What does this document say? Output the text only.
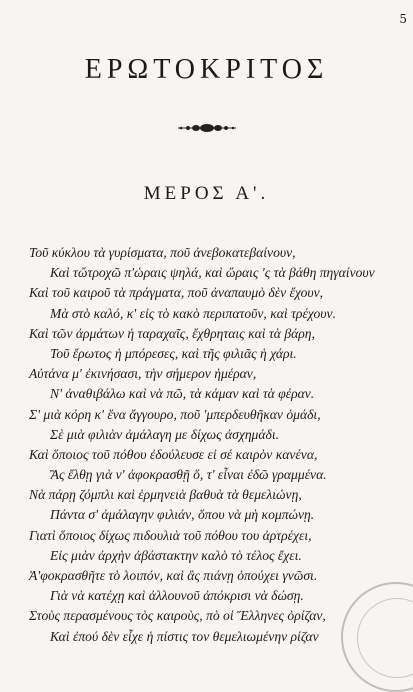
5
ΕΡΩΤΟΚΡΙΤΟΣ
ΜΕΡΟΣ Α'.
Τοῦ κύκλου τὰ γυρίσματα, ποῦ ἀνεβοκατεβαίνουν,
Καὶ τὤτροχῶ π'ὡραις ψηλά, καὶ ὥραις 'ς τὰ βάθη πηγαίνουν
Καὶ τοῦ καιροῦ τὰ πράγματα, ποῦ ἀναπαυμὸ δὲν ἔχουν,
Μὰ στὸ καλό, κ' εἰς τὸ κακὸ περιπατοῦν, καὶ τρέχουν.
Καὶ τῶν ἀρμάτων ἡ ταραχαῖς, ἔχθρηταις καὶ τὰ βάρη,
Τοῦ ἔρωτος ἡ μπόρεσες, καὶ τῆς φιλιᾶς ἡ χάρι.
Αὐτάνα μ' ἐκινήσασι, τὴν σήμερον ἡμέραν,
Ν' ἀναθιβάλω καὶ νὰ πῶ, τὰ κάμαν καὶ τὰ φέραν.
Σ' μιὰ κόρη κ' ἕνα ἄγγουρο, ποῦ 'μπερδευθῆκαν ὁμάδι,
Σὲ μιὰ φιλιὰν ἀμάλαγη με δίχως ἀσχημάδι.
Καὶ ὅποιος τοῦ πόθου ἐδούλευσε εἰ σέ καιρὸν κανένα,
Ἂς ἔλθῃ γιὰ ν' ἀφοκρασθῇ ὅ, τ' εἶναι ἐδῶ γραμμένα.
Νὰ πάρῃ ζόμπλι καὶ ἑρμηνειὰ βαθυὰ τὰ θεμελιώνῃ,
Πάντα σ' ἀμάλαγην φιλιάν, ὅπου νὰ μὴ κομπώνῃ.
Γιατὶ ὅποιος δίχως πιδουλιὰ τοῦ πόθου του ἀρτρέχει,
Εἰς μιὰν ἀρχὴν ἀβάστακτην καλὸ τὸ τέλος ἔχει.
Ἀ'φοκρασθῆτε τὸ λοιπόν, καὶ ἂς πιάνῃ ὁπούχει γνῶσι.
Γιὰ νὰ κατέχῃ καὶ ἀλλουνοῦ ἀπόκρισι νὰ δώσῃ.
Στοὺς περασμένους τὸς καιροὺς, πὸ οἱ Ἕλληνες ὁρίζαν,
Καὶ ἐπού δὲν εἶχε ἡ πίστις τον θεμελιωμένην ρίζαν
